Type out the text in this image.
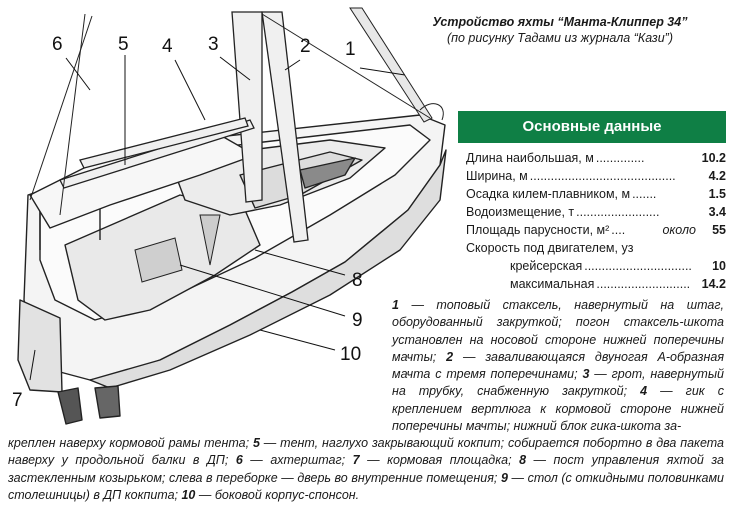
1
2
3
4
5
6
7
8
9
10
Устройство яхты “Манта-Клиппер 34”
(по рисунку Тадами из журнала “Кази”)
Основные данные
Длина наибольшая, м ..............	10.2
Ширина, м ..........................................	4.2
Осадка килем-плавником, м .......	1.5
Водоизмещение, т ........................	3.4
Площадь парусности, м² ....	около	55
Скорость под двигателем, уз
крейсерская ...............................	10
максимальная ........................... 14.2
1 — топовый стаксель, навернутый на штаг, оборудованный закруткой; погон стаксель-шкота установлен на носовой стороне нижней поперечины мачты; 2 — заваливающаяся двуногая А-образная мачта с тремя поперечинами; 3 — грот, навернутый на трубку, снабженную закруткой; 4 — гик с креплением вертлюга к кормовой стороне нижней поперечины мачты; нижний блок гика-шкота за-
креплен наверху кормовой рамы тента; 5 — тент, наглухо закрывающий кокпит; собирается побортно в два пакета наверху у продольной балки в ДП; 6 — ахтерштаг; 7 — кормовая площадка; 8 — пост управления яхтой за застекленным козырьком; слева в переборке — дверь во внутренние помещения; 9 — стол (с откидными половинками столешницы) в ДП кокпита; 10 — боковой корпус-спонсон.
